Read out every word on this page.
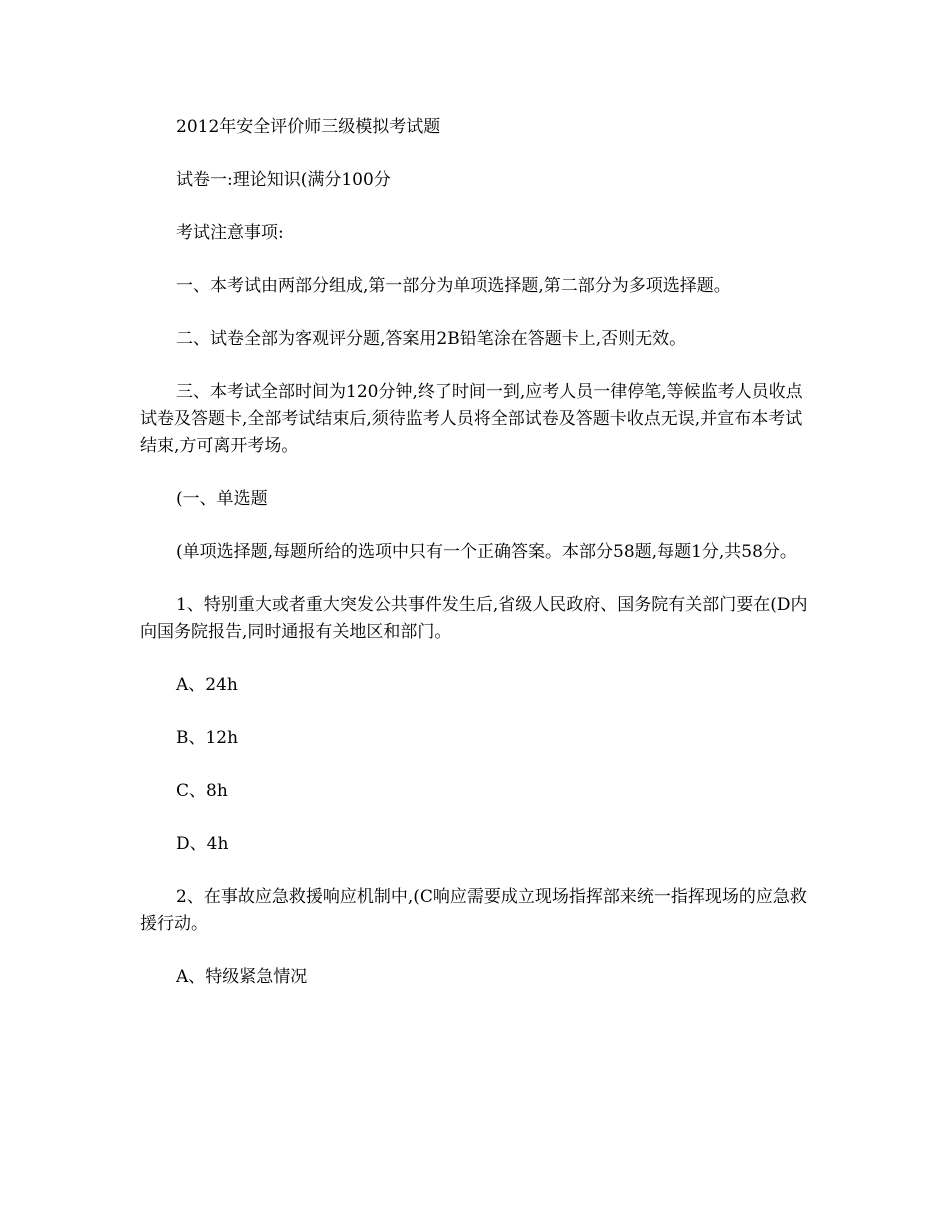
2012年安全评价师三级模拟考试题

试卷一:理论知识(满分100分

考试注意事项:

一、本考试由两部分组成,第一部分为单项选择题,第二部分为多项选择题。

二、试卷全部为客观评分题,答案用2B铅笔涂在答题卡上,否则无效。

三、本考试全部时间为120分钟,终了时间一到,应考人员一律停笔,等候监考人员收点试卷及答题卡,全部考试结束后,须待监考人员将全部试卷及答题卡收点无误,并宣布本考试结束,方可离开考场。

(一、单选题

(单项选择题,每题所给的选项中只有一个正确答案。本部分58题,每题1分,共58分。

1、特别重大或者重大突发公共事件发生后,省级人民政府、国务院有关部门要在(D内向国务院报告,同时通报有关地区和部门。

A、24h

B、12h

C、8h

D、4h

2、在事故应急救援响应机制中,(C响应需要成立现场指挥部来统一指挥现场的应急救援行动。

A、特级紧急情况
